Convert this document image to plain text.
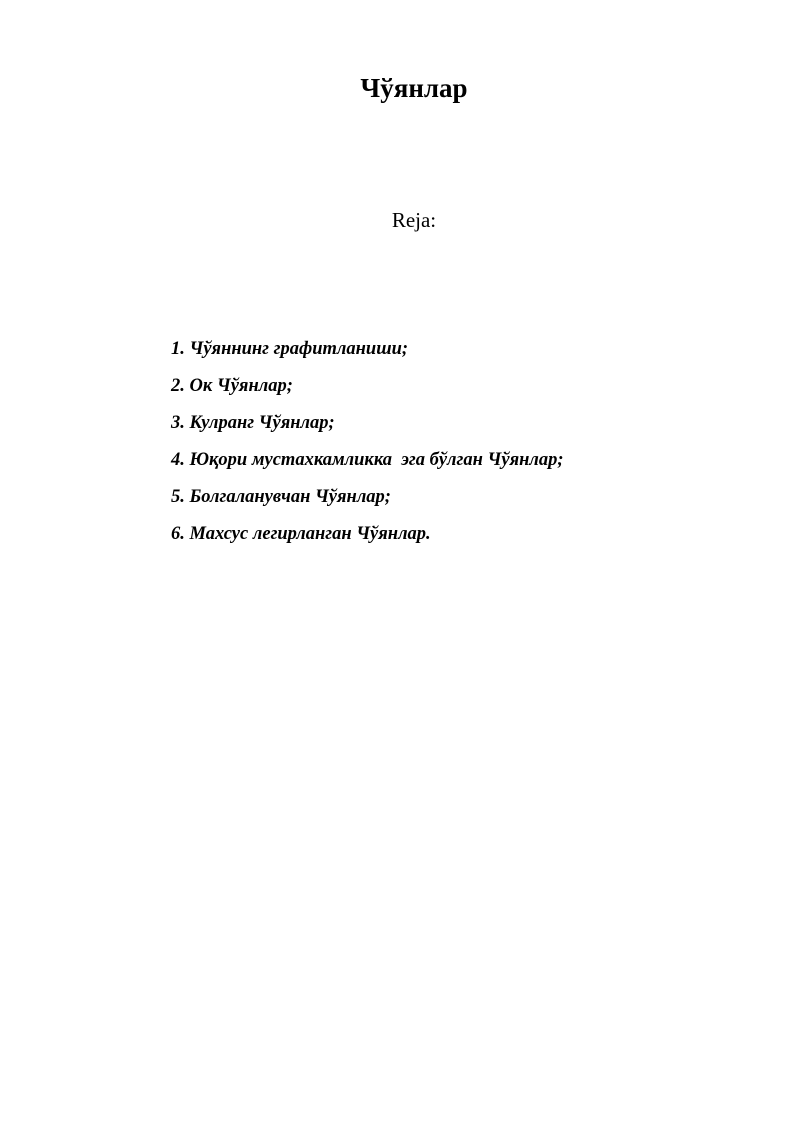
Чўянлар

Reja:

1. Чўяннинг графитланиши;
2. Ок Чўянлар;
3. Кулранг Чўянлар;
4. Юқори мустахкамликка  эга бўлган Чўянлар;
5. Болгаланувчан Чўянлар;
6. Махсус легирланган Чўянлар.
